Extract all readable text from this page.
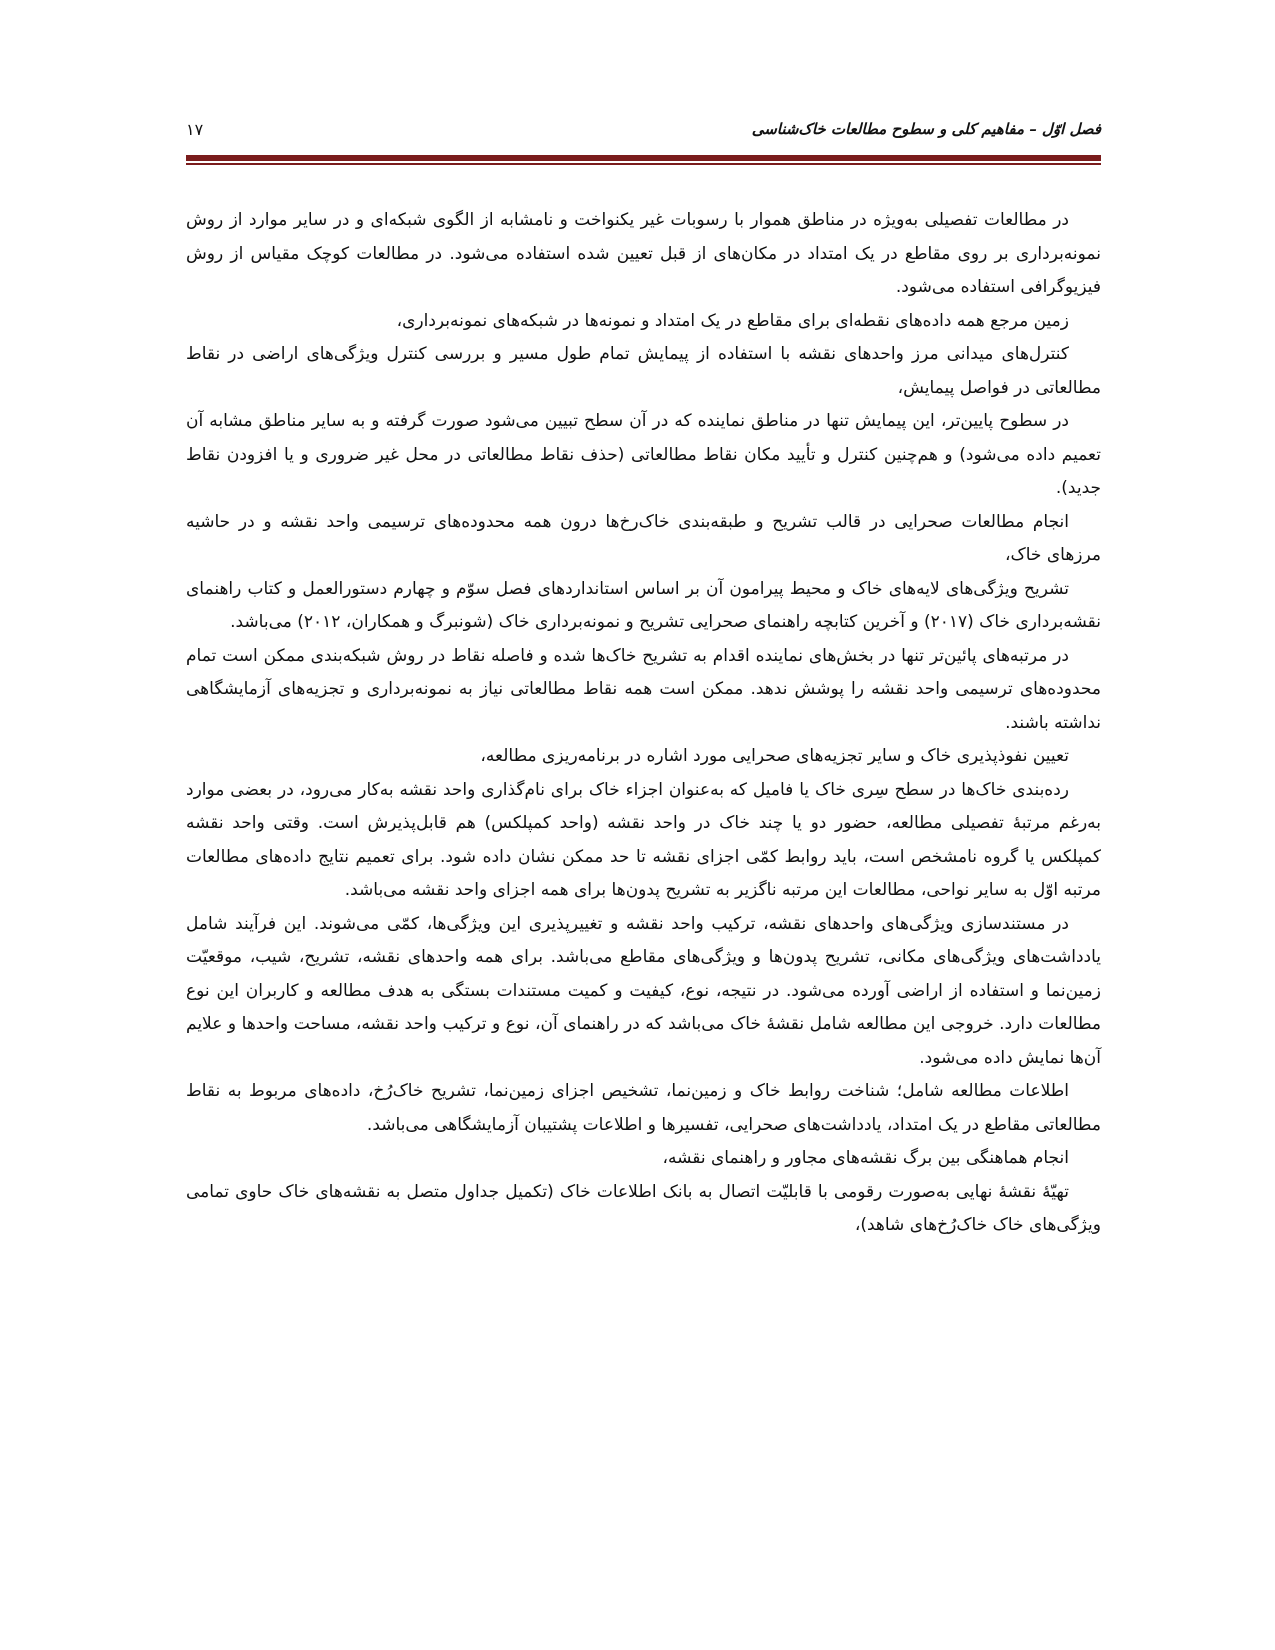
فصل اوّل – مفاهیم کلی و سطوح مطالعات خاک‌شناسی
۱۷

در مطالعات تفصیلی به‌ویژه در مناطق هموار با رسوبات غیر یکنواخت و نامشابه از الگوی شبکه‌ای و در سایر موارد از روش نمونه‌برداری بر روی مقاطع در یک امتداد در مکان‌های از قبل تعیین شده استفاده می‌شود. در مطالعات کوچک مقیاس از روش فیزیوگرافی استفاده می‌شود.

زمین مرجع همه داده‌های نقطه‌ای برای مقاطع در یک امتداد و نمونه‌ها در شبکه‌های نمونه‌برداری،

کنترل‌های میدانی مرز واحدهای نقشه با استفاده از پیمایش تمام طول مسیر و بررسی کنترل ویژگی‌های اراضی در نقاط مطالعاتی در فواصل پیمایش،

در سطوح پایین‌تر، این پیمایش تنها در مناطق نماینده که در آن سطح تبیین می‌شود صورت گرفته و به سایر مناطق مشابه آن تعمیم داده می‌شود) و هم‌چنین کنترل و تأیید مکان نقاط مطالعاتی (حذف نقاط مطالعاتی در محل غیر ضروری و یا افزودن نقاط جدید).

انجام مطالعات صحرایی در قالب تشریح و طبقه‌بندی خاک‌رخ‌ها درون همه محدوده‌های ترسیمی واحد نقشه و در حاشیه مرزهای خاک،

تشریح ویژگی‌های لایه‌های خاک و محیط پیرامون آن بر اساس استانداردهای فصل سوّم و چهارم دستورالعمل و کتاب راهنمای نقشه‌برداری خاک (۲۰۱۷) و آخرین کتابچه راهنمای صحرایی تشریح و نمونه‌برداری خاک (شونبرگ و همکاران، ۲۰۱۲) می‌باشد.

در مرتبه‌های پائین‌تر تنها در بخش‌های نماینده اقدام به تشریح خاک‌ها شده و فاصله نقاط در روش شبکه‌بندی ممکن است تمام محدوده‌های ترسیمی واحد نقشه را پوشش ندهد. ممکن است همه نقاط مطالعاتی نیاز به نمونه‌برداری و تجزیه‌های آزمایشگاهی نداشته باشند.

تعیین نفوذپذیری خاک و سایر تجزیه‌های صحرایی مورد اشاره در برنامه‌ریزی مطالعه،

رده‌بندی خاک‌ها در سطح سِری خاک یا فامیل که به‌عنوان اجزاء خاک برای نام‌گذاری واحد نقشه به‌کار می‌رود، در بعضی موارد به‌رغم مرتبهٔ تفصیلی مطالعه، حضور دو یا چند خاک در واحد نقشه (واحد کمپلکس) هم قابل‌پذیرش است. وقتی واحد نقشه کمپلکس یا گروه نامشخص است، باید روابط کمّی اجزای نقشه تا حد ممکن نشان داده شود. برای تعمیم نتایج داده‌های مطالعات مرتبه اوّل به سایر نواحی، مطالعات این مرتبه ناگزیر به تشریح پدون‌ها برای همه اجزای واحد نقشه می‌باشد.

در مستندسازی ویژگی‌های واحدهای نقشه، ترکیب واحد نقشه و تغییرپذیری این ویژگی‌ها، کمّی می‌شوند. این فرآیند شامل یادداشت‌های ویژگی‌های مکانی، تشریح پدون‌ها و ویژگی‌های مقاطع می‌باشد. برای همه واحدهای نقشه، تشریح، شیب، موقعیّت زمین‌نما و استفاده از اراضی آورده می‌شود. در نتیجه، نوع، کیفیت و کمیت مستندات بستگی به هدف مطالعه و کاربران این نوع مطالعات دارد. خروجی این مطالعه شامل نقشهٔ خاک می‌باشد که در راهنمای آن، نوع و ترکیب واحد نقشه، مساحت واحدها و علایم آن‌ها نمایش داده می‌شود.

اطلاعات مطالعه شامل؛ شناخت روابط خاک و زمین‌نما، تشخیص اجزای زمین‌نما، تشریح خاک‌رُخ، داده‌های مربوط به نقاط مطالعاتی مقاطع در یک امتداد، یادداشت‌های صحرایی، تفسیرها و اطلاعات پشتیبان آزمایشگاهی می‌باشد.

انجام هماهنگی بین برگ نقشه‌های مجاور و راهنمای نقشه،

تهیّهٔ نقشهٔ نهایی به‌صورت رقومی با قابلیّت اتصال به بانک اطلاعات خاک (تکمیل جداول متصل به نقشه‌های خاک حاوی تمامی ویژگی‌های خاک خاک‌رُخ‌های شاهد)،
